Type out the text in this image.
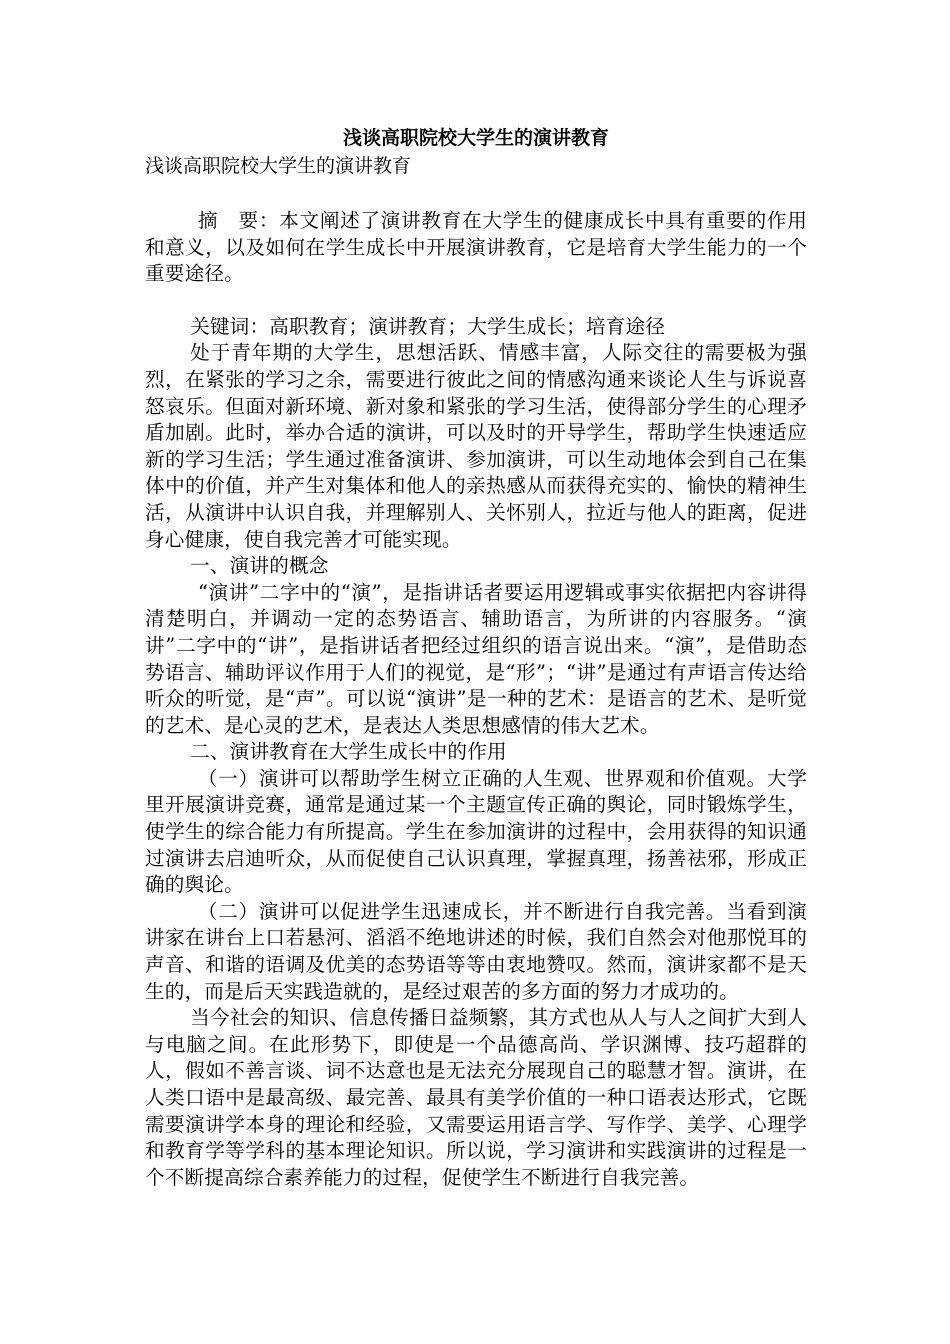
浅谈高职院校大学生的演讲教育

浅谈高职院校大学生的演讲教育

摘　要：本文阐述了演讲教育在大学生的健康成长中具有重要的作用和意义，以及如何在学生成长中开展演讲教育，它是培育大学生能力的一个重要途径。

关键词：高职教育；演讲教育；大学生成长；培育途径

处于青年期的大学生，思想活跃、情感丰富，人际交往的需要极为强烈，在紧张的学习之余，需要进行彼此之间的情感沟通来谈论人生与诉说喜怒哀乐。但面对新环境、新对象和紧张的学习生活，使得部分学生的心理矛盾加剧。此时，举办合适的演讲，可以及时的开导学生，帮助学生快速适应新的学习生活；学生通过准备演讲、参加演讲，可以生动地体会到自己在集体中的价值，并产生对集体和他人的亲热感从而获得充实的、愉快的精神生活，从演讲中认识自我，并理解别人、关怀别人，拉近与他人的距离，促进身心健康，使自我完善才可能实现。

一、演讲的概念

“演讲”二字中的“演”，是指讲话者要运用逻辑或事实依据把内容讲得清楚明白，并调动一定的态势语言、辅助语言，为所讲的内容服务。“演讲”二字中的“讲”，是指讲话者把经过组织的语言说出来。“演”，是借助态势语言、辅助评议作用于人们的视觉，是“形”；“讲”是通过有声语言传达给听众的听觉，是“声”。可以说“演讲”是一种的艺术：是语言的艺术、是听觉的艺术、是心灵的艺术，是表达人类思想感情的伟大艺术。

二、演讲教育在大学生成长中的作用

（一）演讲可以帮助学生树立正确的人生观、世界观和价值观。大学里开展演讲竞赛，通常是通过某一个主题宣传正确的舆论，同时锻炼学生，使学生的综合能力有所提高。学生在参加演讲的过程中，会用获得的知识通过演讲去启迪听众，从而促使自己认识真理，掌握真理，扬善祛邪，形成正确的舆论。

（二）演讲可以促进学生迅速成长，并不断进行自我完善。当看到演讲家在讲台上口若悬河、滔滔不绝地讲述的时候，我们自然会对他那悦耳的声音、和谐的语调及优美的态势语等等由衷地赞叹。然而，演讲家都不是天生的，而是后天实践造就的，是经过艰苦的多方面的努力才成功的。

当今社会的知识、信息传播日益频繁，其方式也从人与人之间扩大到人与电脑之间。在此形势下，即使是一个品德高尚、学识渊博、技巧超群的人，假如不善言谈、词不达意也是无法充分展现自己的聪慧才智。演讲，在人类口语中是最高级、最完善、最具有美学价值的一种口语表达形式，它既需要演讲学本身的理论和经验，又需要运用语言学、写作学、美学、心理学和教育学等学科的基本理论知识。所以说，学习演讲和实践演讲的过程是一个不断提高综合素养能力的过程，促使学生不断进行自我完善。
